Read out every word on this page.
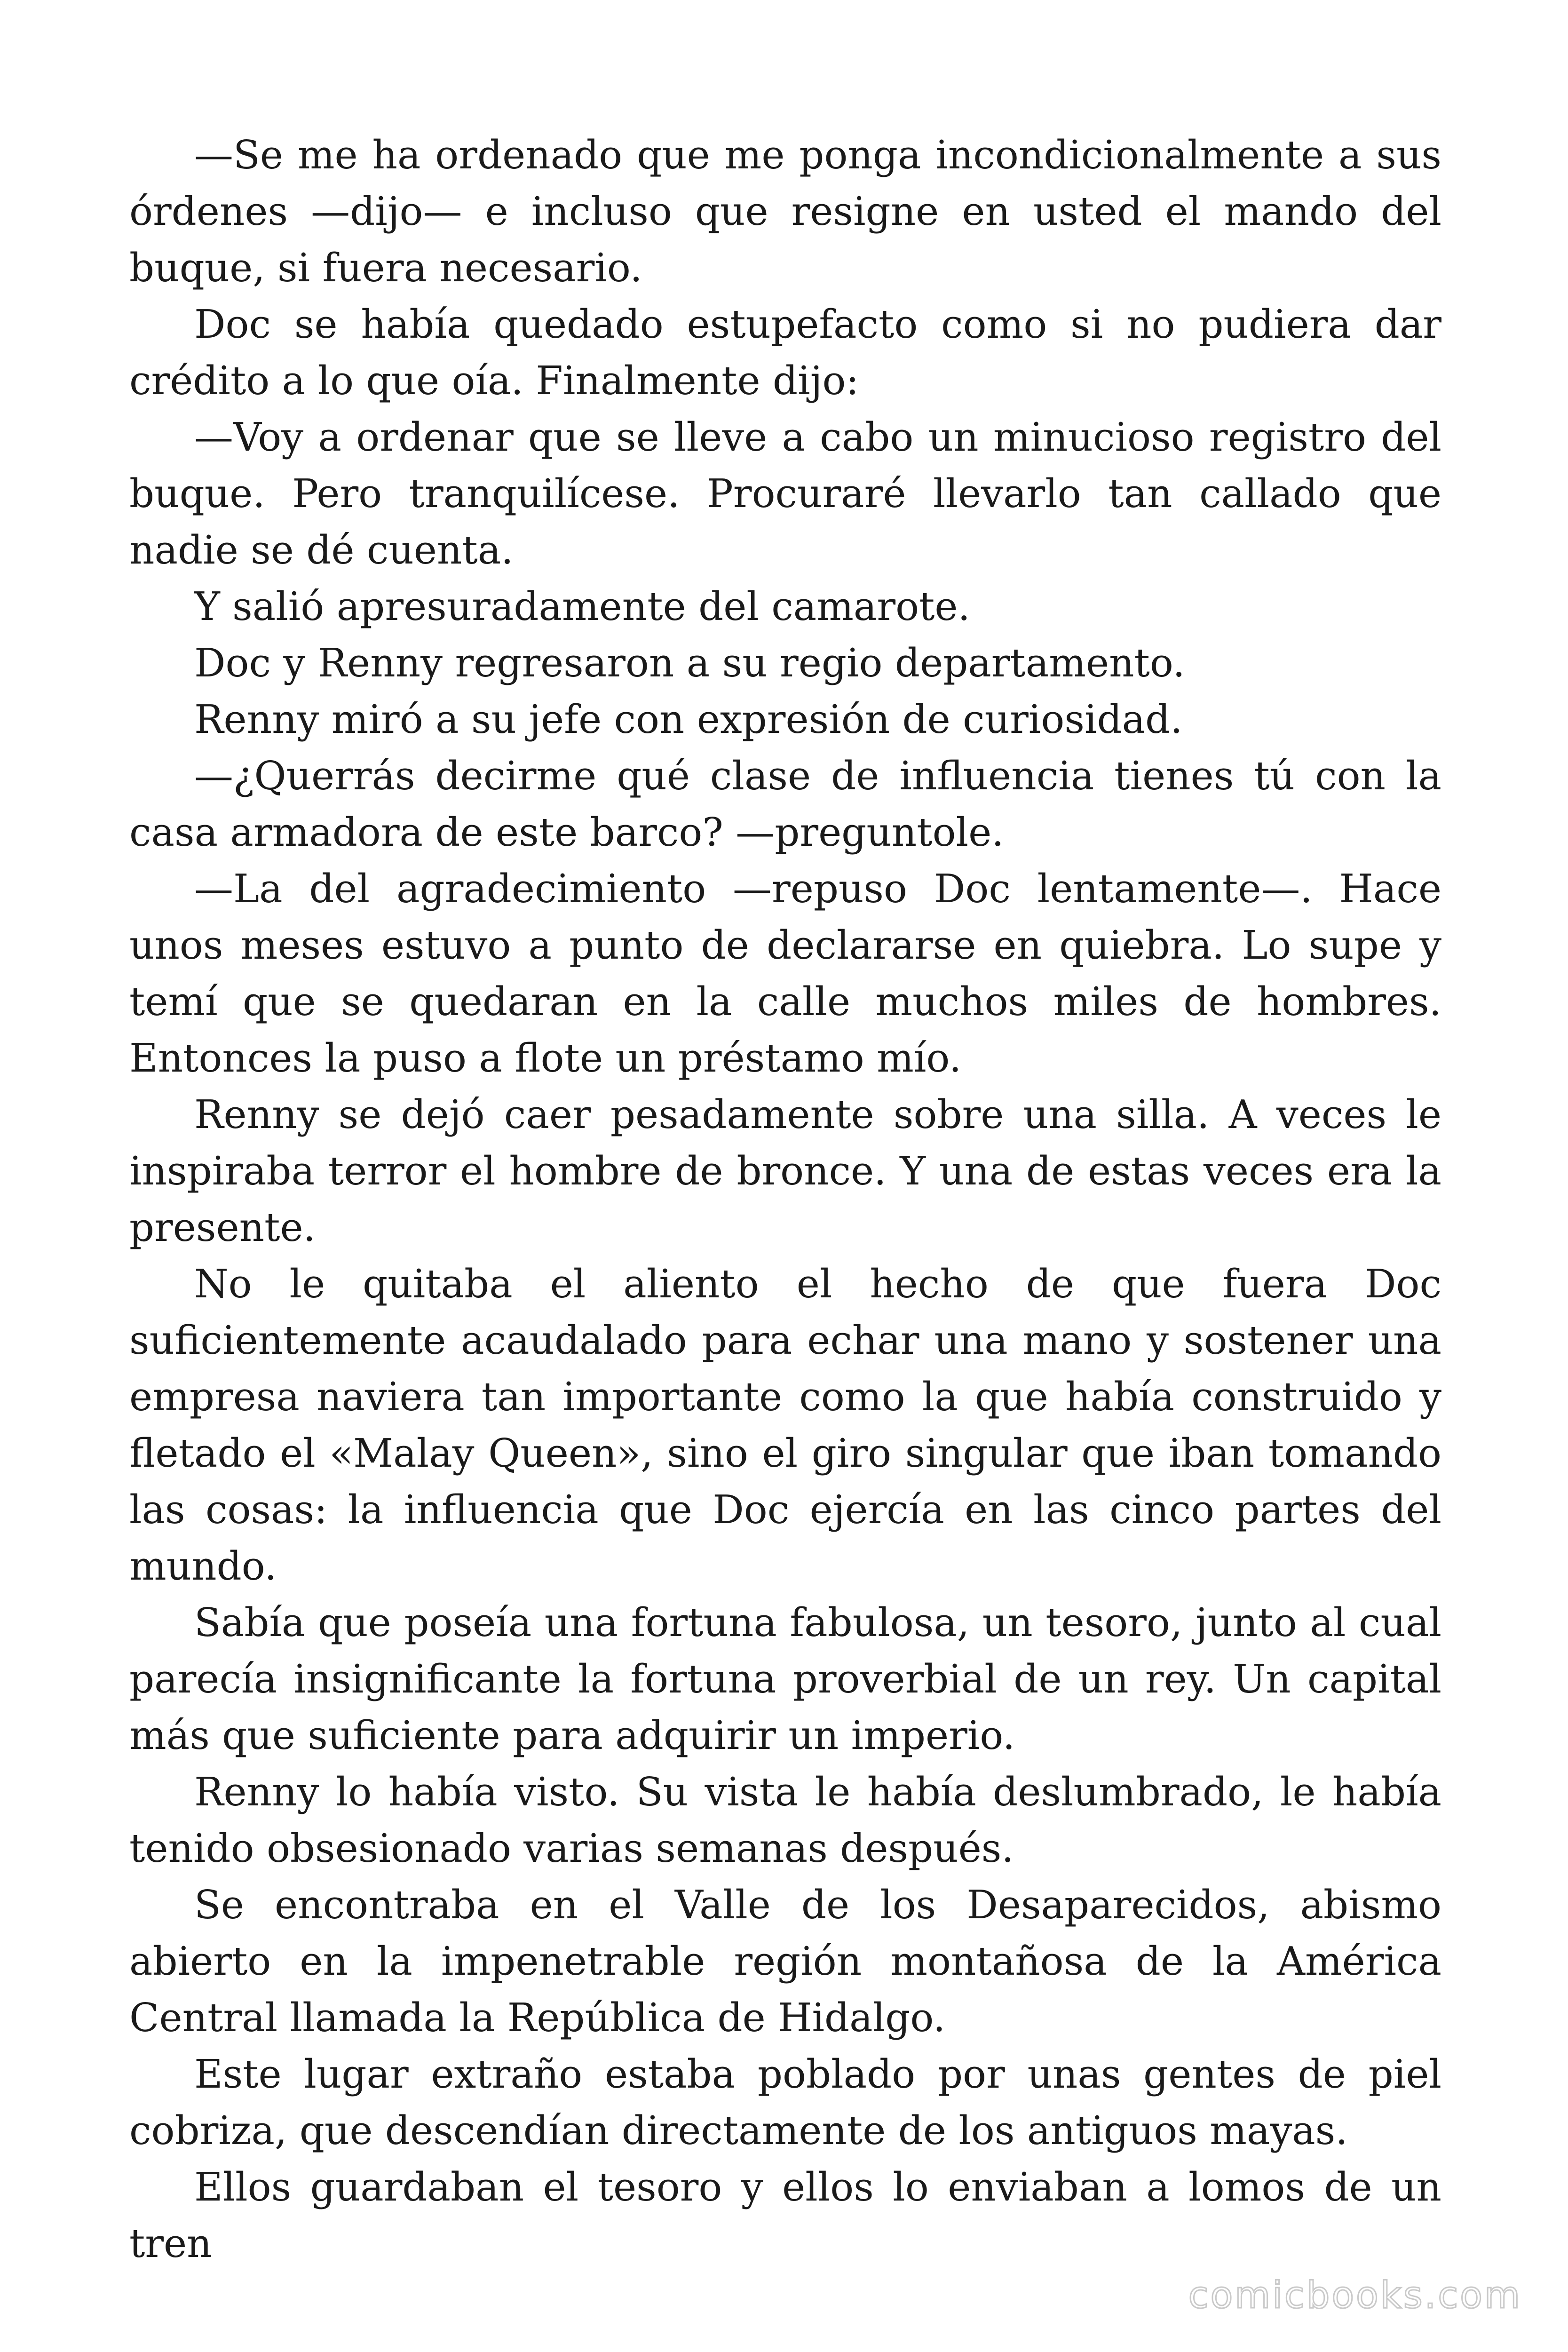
—Se me ha ordenado que me ponga incondicionalmente a sus órdenes —dijo— e incluso que resigne en usted el mando del buque, si fuera necesario.

Doc se había quedado estupefacto como si no pudiera dar crédito a lo que oía. Finalmente dijo:

—Voy a ordenar que se lleve a cabo un minucioso registro del buque. Pero tranquilícese. Procuraré llevarlo tan callado que nadie se dé cuenta.

Y salió apresuradamente del camarote.

Doc y Renny regresaron a su regio departamento.

Renny miró a su jefe con expresión de curiosidad.

—¿Querrás decirme qué clase de influencia tienes tú con la casa armadora de este barco? —preguntole.

—La del agradecimiento —repuso Doc lentamente—. Hace unos meses estuvo a punto de declararse en quiebra. Lo supe y temí que se quedaran en la calle muchos miles de hombres. Entonces la puso a flote un préstamo mío.

Renny se dejó caer pesadamente sobre una silla. A veces le inspiraba terror el hombre de bronce. Y una de estas veces era la presente.

No le quitaba el aliento el hecho de que fuera Doc suficientemente acaudalado para echar una mano y sostener una empresa naviera tan importante como la que había construido y fletado el «Malay Queen», sino el giro singular que iban tomando las cosas: la influencia que Doc ejercía en las cinco partes del mundo.

Sabía que poseía una fortuna fabulosa, un tesoro, junto al cual parecía insignificante la fortuna proverbial de un rey. Un capital más que suficiente para adquirir un imperio.

Renny lo había visto. Su vista le había deslumbrado, le había tenido obsesionado varias semanas después.

Se encontraba en el Valle de los Desaparecidos, abismo abierto en la impenetrable región montañosa de la América Central llamada la República de Hidalgo.

Este lugar extraño estaba poblado por unas gentes de piel cobriza, que descendían directamente de los antiguos mayas.

Ellos guardaban el tesoro y ellos lo enviaban a lomos de un tren

comicbooks.com
